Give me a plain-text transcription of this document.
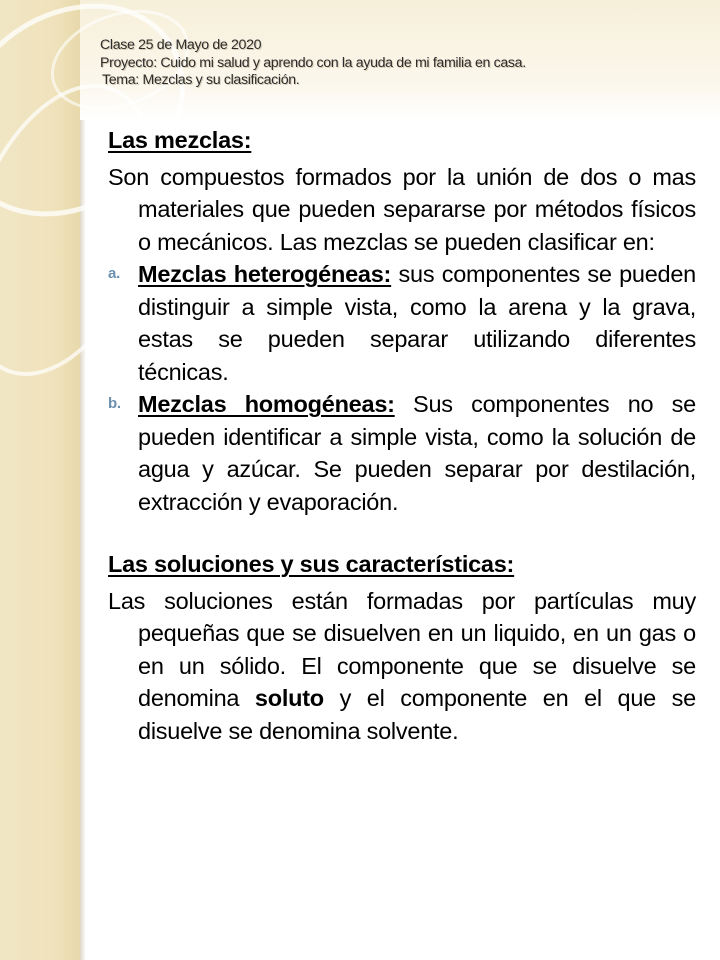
Clase 25 de Mayo de 2020
Proyecto: Cuido mi salud y aprendo con la ayuda de mi familia en casa.
Tema: Mezclas y su clasificación.

Las mezclas:

Son compuestos formados por la unión de dos o mas materiales que pueden separarse por métodos físicos o mecánicos. Las mezclas se pueden clasificar en:

a. Mezclas heterogéneas: sus componentes se pueden distinguir a simple vista, como la arena y la grava, estas se pueden separar utilizando diferentes técnicas.

b. Mezclas homogéneas: Sus componentes no se pueden identificar a simple vista, como la solución de agua y azúcar. Se pueden separar por destilación, extracción y evaporación.

Las soluciones y sus características:

Las soluciones están formadas por partículas muy pequeñas que se disuelven en un liquido, en un gas o en un sólido. El componente que se disuelve se denomina soluto y el componente en el que se disuelve se denomina solvente.
